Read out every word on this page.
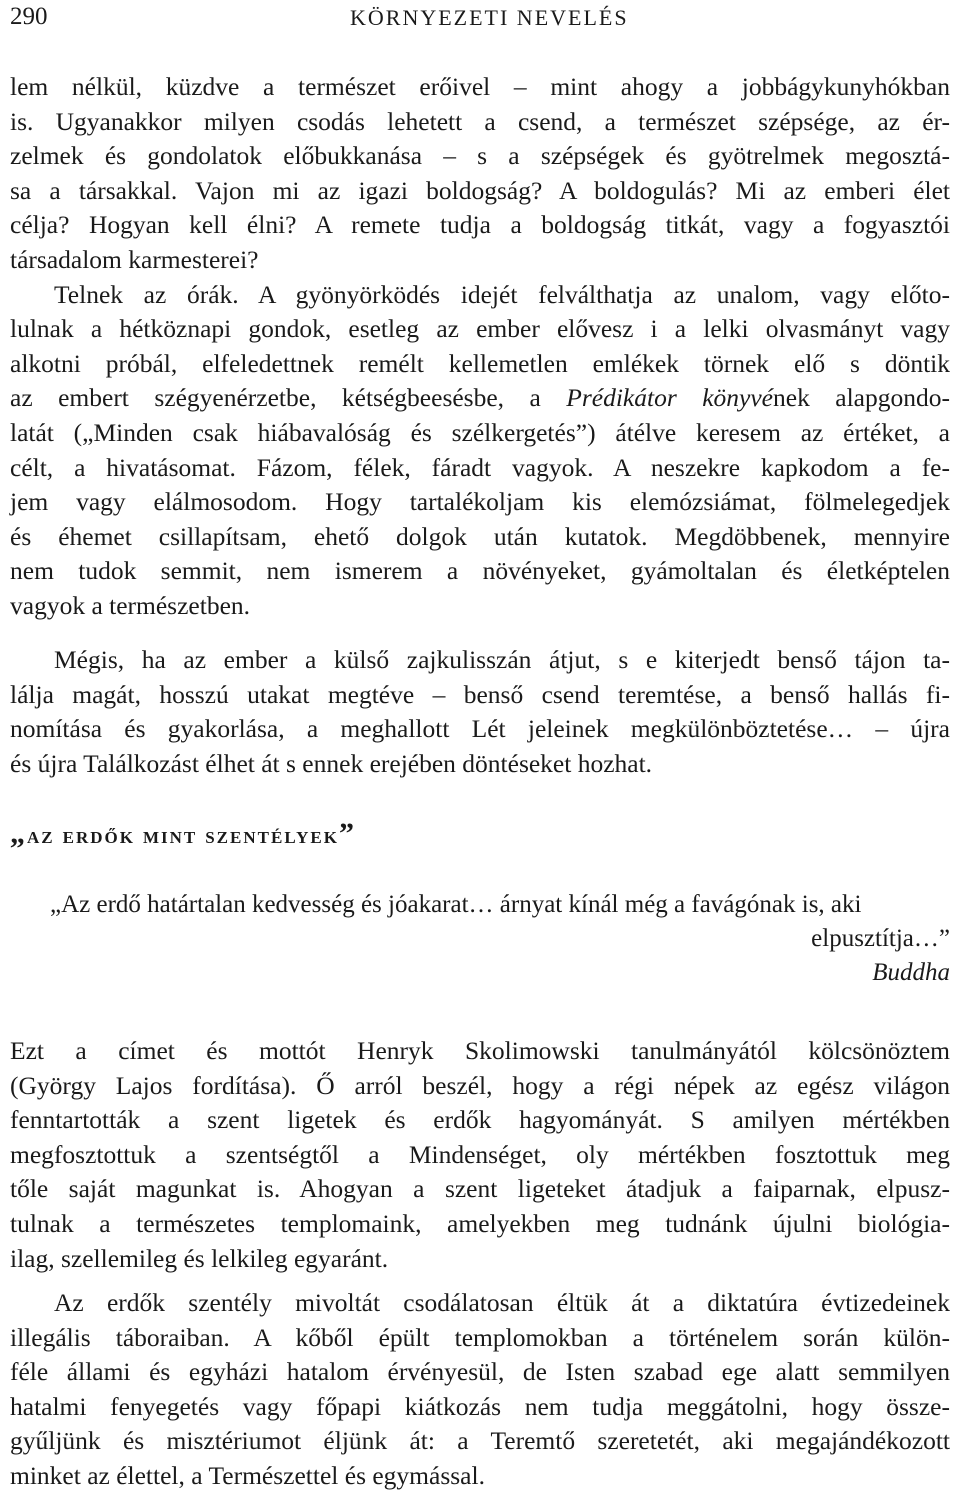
290	KÖRNYEZETI NEVELÉS
lem nélkül, küzdve a természet erőivel – mint ahogy a jobbágykunyhókban
is. Ugyanakkor milyen csodás lehetett a csend, a természet szépsége, az ér-
zelmek és gondolatok előbukkanása – s a szépségek és gyötrelmek megosztá-
sa a társakkal. Vajon mi az igazi boldogság? A boldogulás? Mi az emberi élet
célja? Hogyan kell élni? A remete tudja a boldogság titkát, vagy a fogyasztói
társadalom karmesterei?
Telnek az órák. A gyönyörködés idejét felválthatja az unalom, vagy előto-
lulnak a hétköznapi gondok, esetleg az ember elővesz i a lelki olvasmányt vagy
alkotni próbál, elfeledettnek remélt kellemetlen emlékek törnek elő s döntik
az embert szégyenérzetbe, kétségbeesésbe, a Prédikátor könyvének alapgondo-
latát („Minden csak hiábavalóság és szélkergetés”) átélve keresem az értéket, a
célt, a hivatásomat. Fázom, félek, fáradt vagyok. A neszekre kapkodom a fe-
jem vagy elálmosodom. Hogy tartalékoljam kis elemózsiámat, fölmelegedjek
és éhemet csillapítsam, ehető dolgok után kutatok. Megdöbbenek, mennyire
nem tudok semmit, nem ismerem a növényeket, gyámoltalan és életképtelen
vagyok a természetben.
Mégis, ha az ember a külső zajkulisszán átjut, s e kiterjedt benső tájon ta-
lálja magát, hosszú utakat megtéve – benső csend teremtése, a benső hallás fi-
nomítása és gyakorlása, a meghallott Lét jeleinek megkülönböztetése… – újra
és újra Találkozást élhet át s ennek erejében döntéseket hozhat.
„az erdők mint szentélyek”
„Az erdő határtalan kedvesség és jóakarat… árnyat kínál még a favágónak is, aki
elpusztítja…”
Buddha
Ezt a címet és mottót Henryk Skolimowski tanulmányától kölcsönöztem
(György Lajos fordítása). Ő arról beszél, hogy a régi népek az egész világon
fenntartották a szent ligetek és erdők hagyományát. S amilyen mértékben
megfosztottuk a szentségtől a Mindenséget, oly mértékben fosztottuk meg
tőle saját magunkat is. Ahogyan a szent ligeteket átadjuk a faiparnak, elpusz-
tulnak a természetes templomaink, amelyekben meg tudnánk újulni biológia-
ilag, szellemileg és lelkileg egyaránt.
Az erdők szentély mivoltát csodálatosan éltük át a diktatúra évtizedeinek
illegális táboraiban. A kőből épült templomokban a történelem során külön-
féle állami és egyházi hatalom érvényesül, de Isten szabad ege alatt semmilyen
hatalmi fenyegetés vagy főpapi kiátkozás nem tudja meggátolni, hogy össze-
gyűljünk és misztériumot éljünk át: a Teremtő szeretetét, aki megajándékozott
minket az élettel, a Természettel és egymással.
